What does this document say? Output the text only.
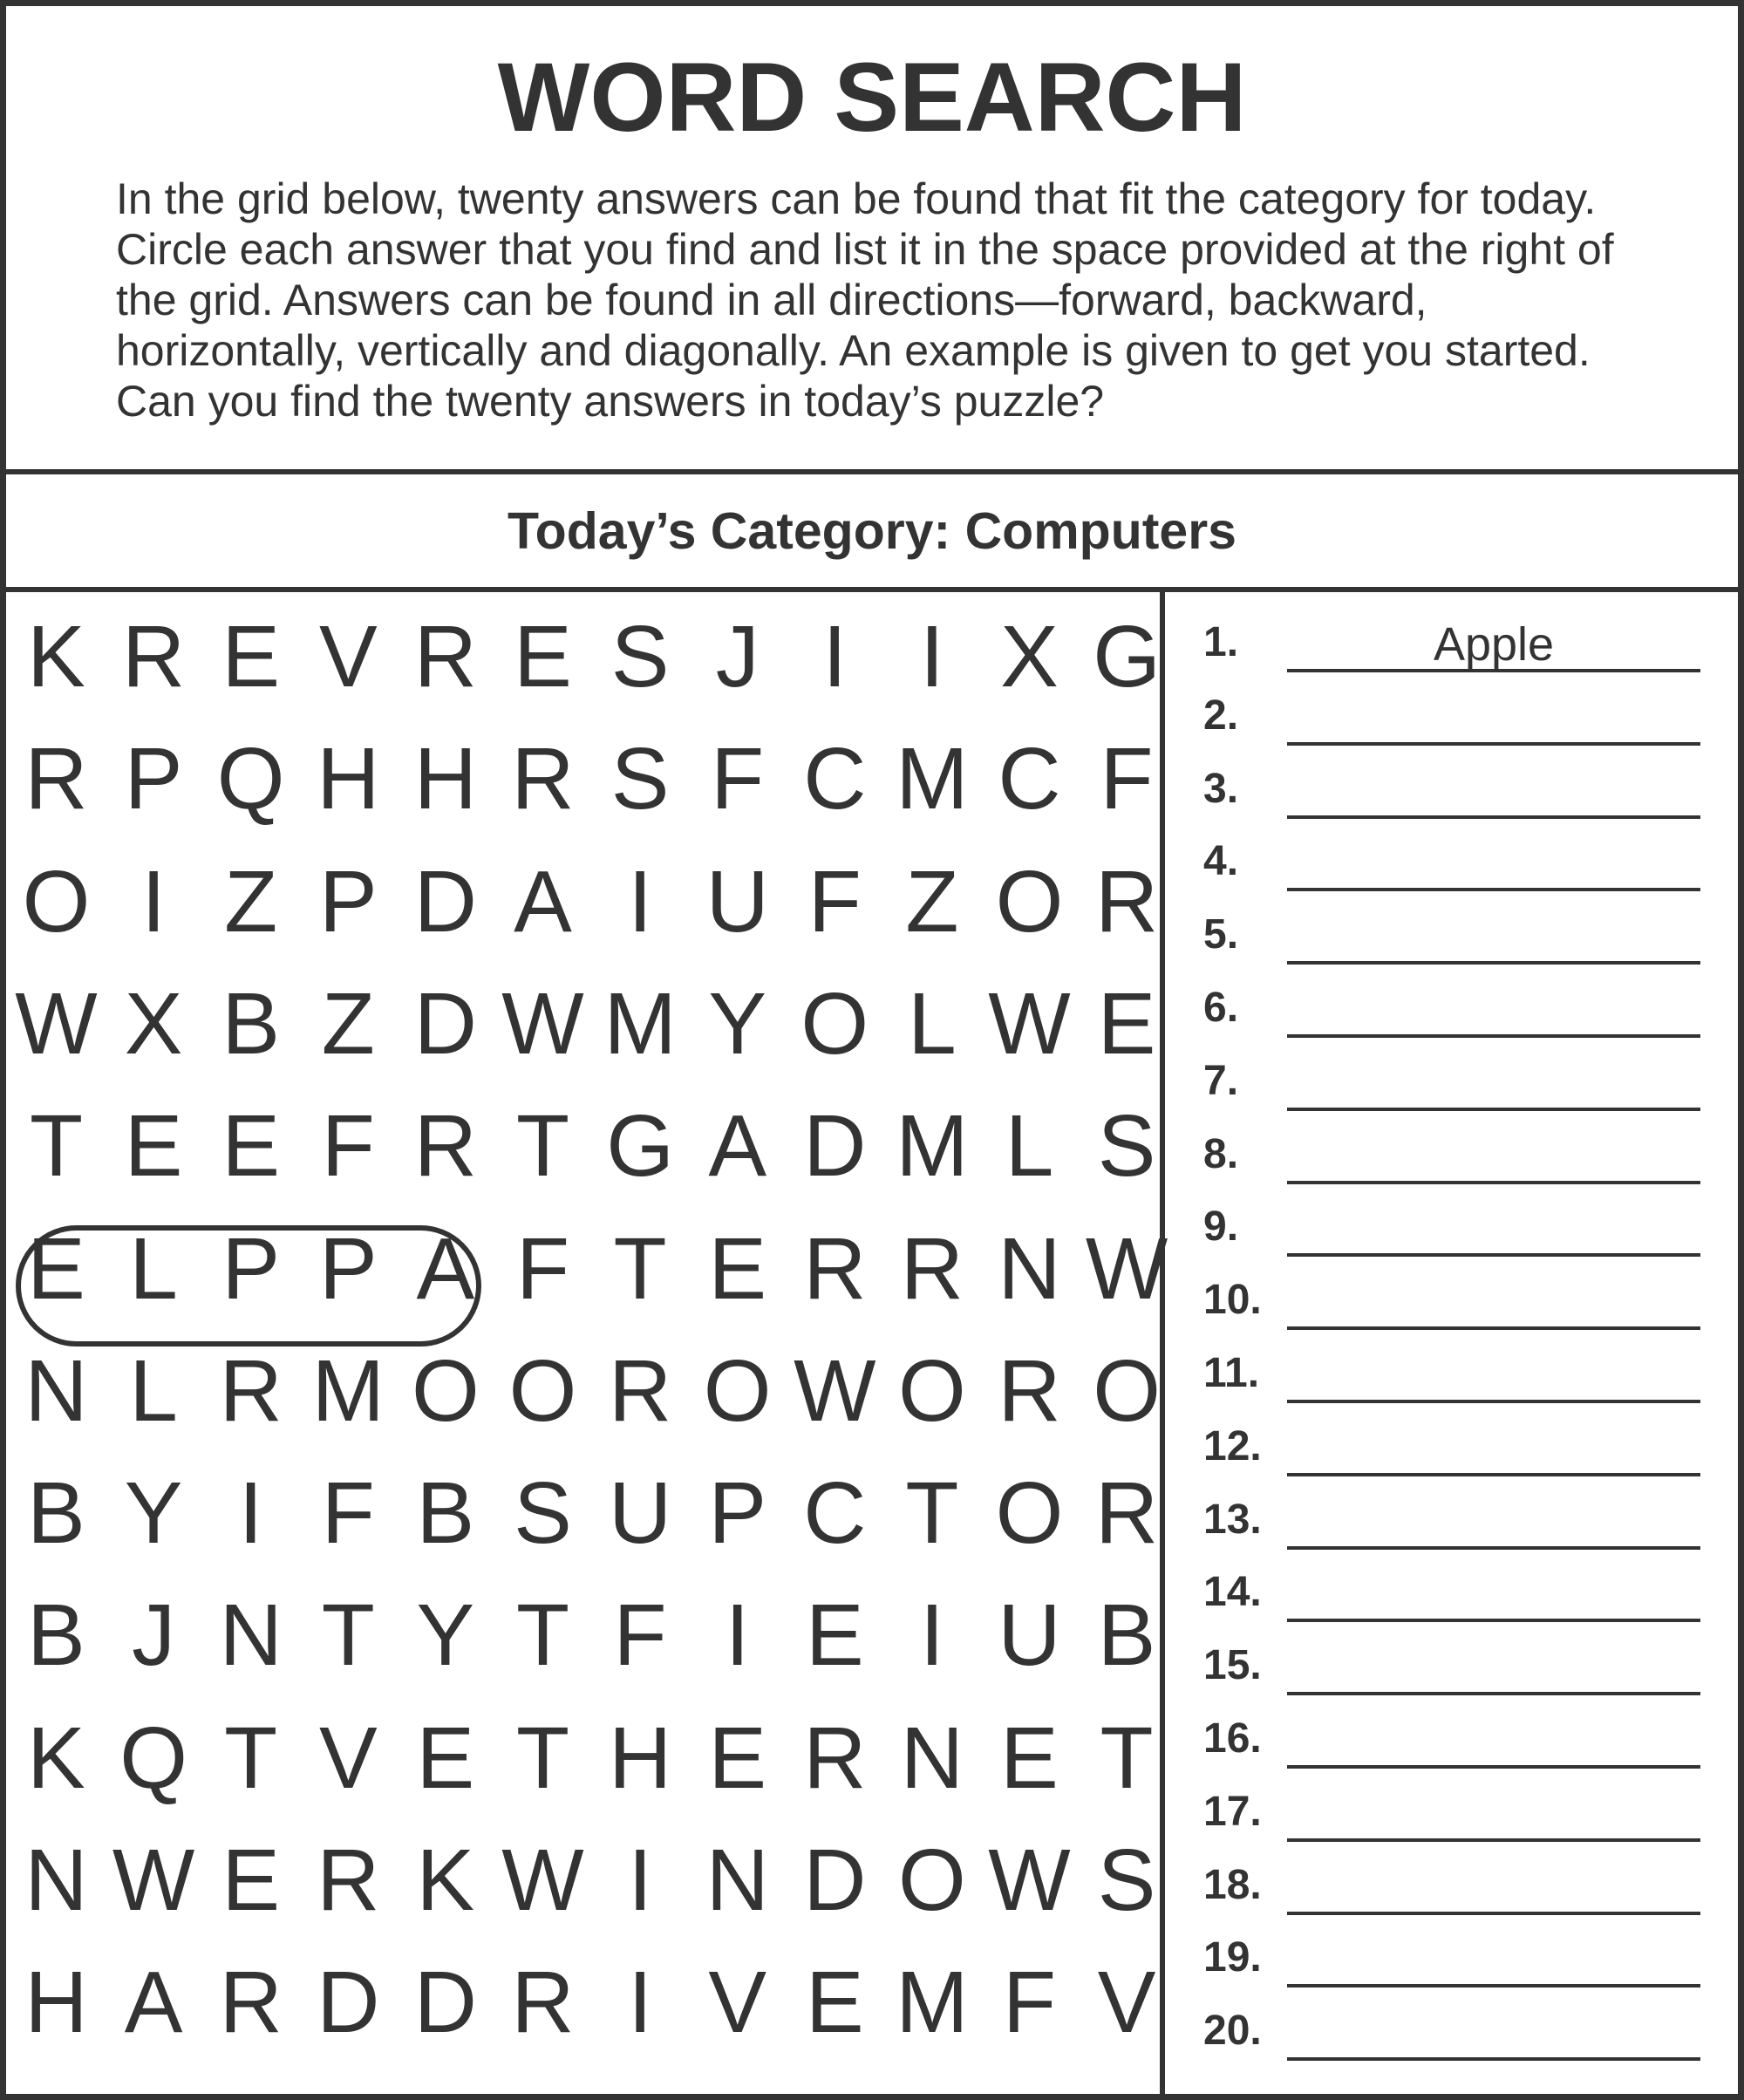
WORD SEARCH

In the grid below, twenty answers can be found that fit the category for today. Circle each answer that you find and list it in the space provided at the right of the grid. Answers can be found in all directions—forward, backward, horizontally, vertically and diagonally. An example is given to get you started. Can you find the twenty answers in today’s puzzle?

Today’s Category: Computers
K R E V R E S J I I X G
R P Q H H R S F C M C F
O I Z P D A I U F Z O R
W X B Z D W M Y O L W E
T E E F R T G A D M L S
E L P P A F T E R R N W
N L R M O O R O W O R O
B Y I F B S U P C T O R
B J N T Y T F I E I U B
K Q T V E T H E R N E T
N W E R K W I N D O W S
H A R D D R I V E M F V
1.	Apple
2.
3.
4.
5.
6.
7.
8.
9.
10.
11.
12.
13.
14.
15.
16.
17.
18.
19.
20.
